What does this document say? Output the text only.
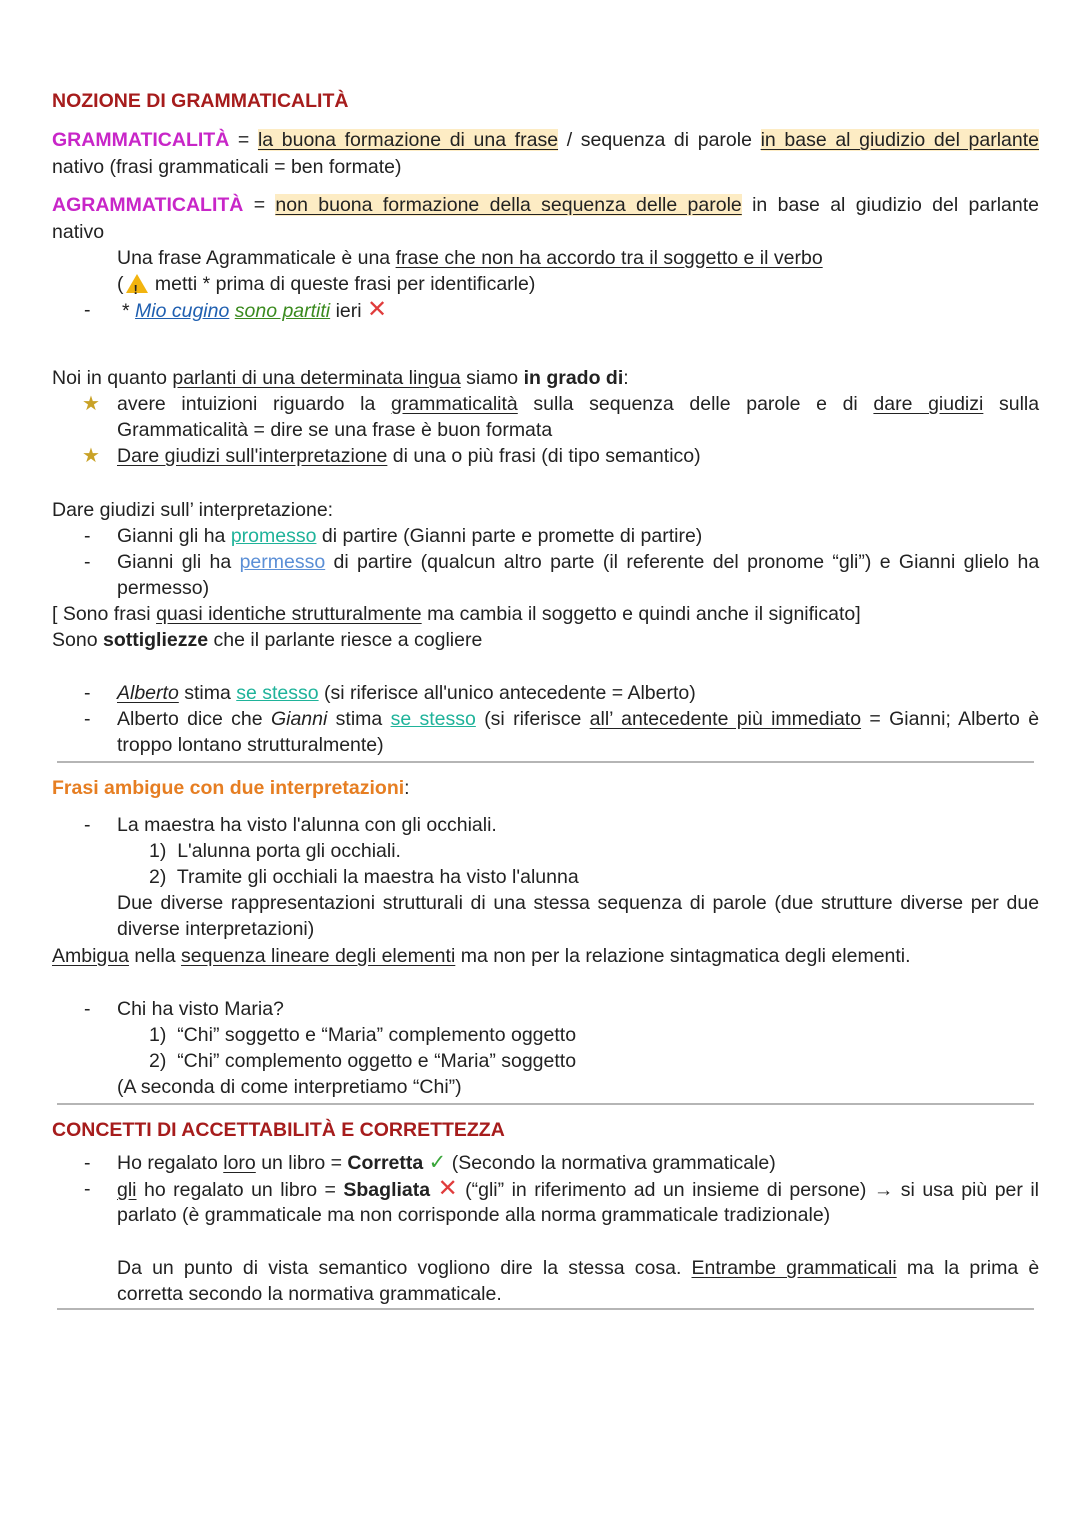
NOZIONE DI GRAMMATICALITÀ
GRAMMATICALITÀ = la buona formazione di una frase / sequenza di parole in base al giudizio del parlante
nativo (frasi grammaticali = ben formate)
AGRAMMATICALITÀ = non buona formazione della sequenza delle parole in base al giudizio del parlante
nativo
Una frase Agrammaticale è una frase che non ha accordo tra il soggetto e il verbo
(! metti * prima di queste frasi per identificarle)
- * Mio cugino sono partiti ieri ✕
Noi in quanto parlanti di una determinata lingua siamo in grado di:
★ avere intuizioni riguardo la grammaticalità sulla sequenza delle parole e di dare giudizi sulla
Grammaticalità = dire se una frase è buon formata
★ Dare giudizi sull'interpretazione di una o più frasi (di tipo semantico)
Dare giudizi sull’ interpretazione:
- Gianni gli ha promesso di partire (Gianni parte e promette di partire)
- Gianni gli ha permesso di partire (qualcun altro parte (il referente del pronome “gli”) e Gianni glielo ha
permesso)
[ Sono frasi quasi identiche strutturalmente ma cambia il soggetto e quindi anche il significato]
Sono sottigliezze che il parlante riesce a cogliere
- Alberto stima se stesso (si riferisce all'unico antecedente = Alberto)
- Alberto dice che Gianni stima se stesso (si riferisce all’ antecedente più immediato = Gianni; Alberto è
troppo lontano strutturalmente)
Frasi ambigue con due interpretazioni:
- La maestra ha visto l'alunna con gli occhiali.
1) L'alunna porta gli occhiali.
2) Tramite gli occhiali la maestra ha visto l'alunna
Due diverse rappresentazioni strutturali di una stessa sequenza di parole (due strutture diverse per due
diverse interpretazioni)
Ambigua nella sequenza lineare degli elementi ma non per la relazione sintagmatica degli elementi.
- Chi ha visto Maria?
1) “Chi” soggetto e “Maria” complemento oggetto
2) “Chi” complemento oggetto e “Maria” soggetto
(A seconda di come interpretiamo “Chi”)
CONCETTI DI ACCETTABILITÀ E CORRETTEZZA
- Ho regalato loro un libro = Corretta ✓ (Secondo la normativa grammaticale)
- gli ho regalato un libro = Sbagliata ✕ (“gli” in riferimento ad un insieme di persone) → si usa più per il
parlato (è grammaticale ma non corrisponde alla norma grammaticale tradizionale)
Da un punto di vista semantico vogliono dire la stessa cosa. Entrambe grammaticali ma la prima è
corretta secondo la normativa grammaticale.
